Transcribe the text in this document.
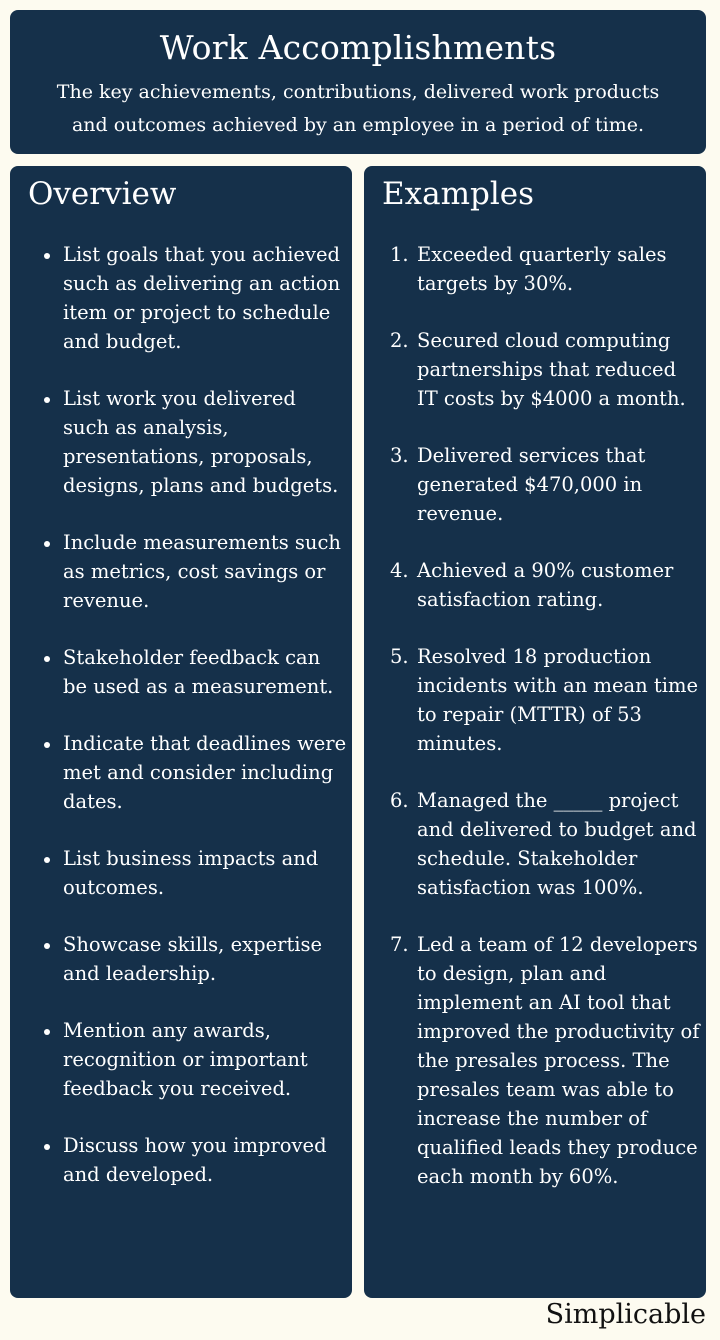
Work Accomplishments

The key achievements, contributions, delivered work products and outcomes achieved by an employee in a period of time.

Overview
List goals that you achieved such as delivering an action item or project to schedule and budget.
List work you delivered such as analysis, presentations, proposals, designs, plans and budgets.
Include measurements such as metrics, cost savings or revenue.
Stakeholder feedback can be used as a measurement.
Indicate that deadlines were met and consider including dates.
List business impacts and outcomes.
Showcase skills, expertise and leadership.
Mention any awards, recognition or important feedback you received.
Discuss how you improved and developed.
Examples
1. Exceeded quarterly sales targets by 30%.
2. Secured cloud computing partnerships that reduced IT costs by $4000 a month.
3. Delivered services that generated $470,000 in revenue.
4. Achieved a 90% customer satisfaction rating.
5. Resolved 18 production incidents with an mean time to repair (MTTR) of 53 minutes.
6. Managed the _____ project and delivered to budget and schedule. Stakeholder satisfaction was 100%.
7. Led a team of 12 developers to design, plan and implement an AI tool that improved the productivity of the presales process. The presales team was able to increase the number of qualified leads they produce each month by 60%.
Simplicable
